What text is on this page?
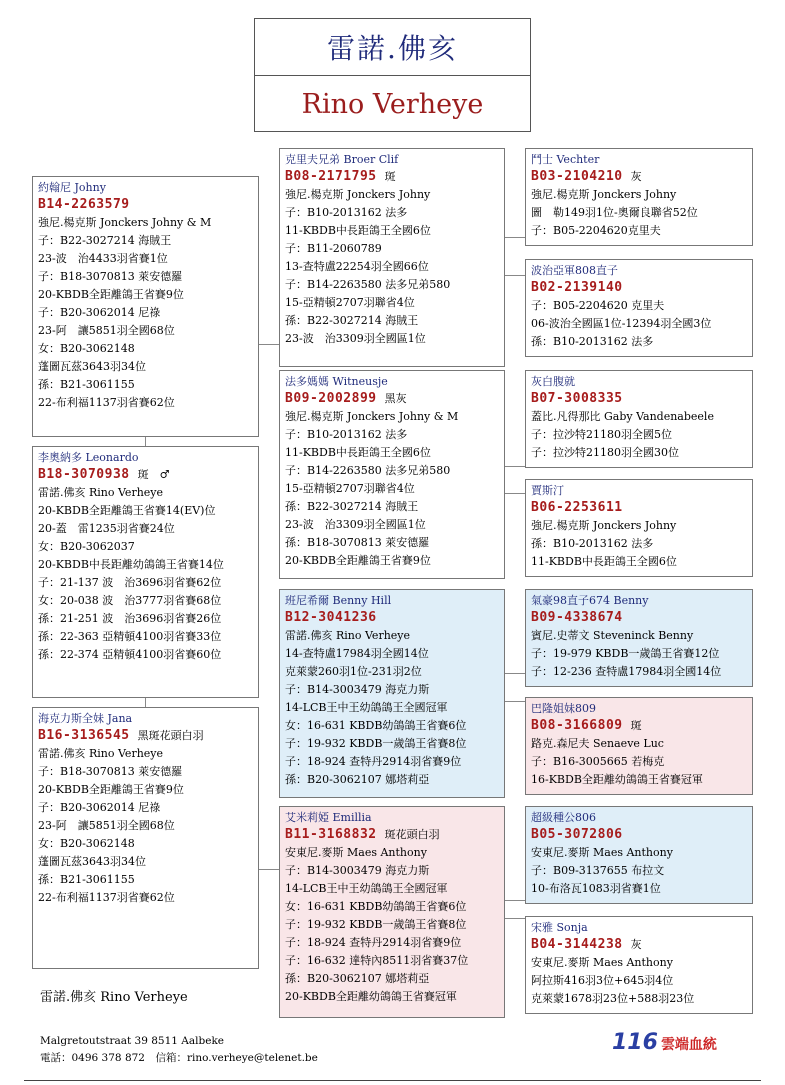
雷諾.佛亥
Rino Verheye
約翰尼 Johny
B14-2263579
強尼.楊克斯 Jonckers Johny & M
子：B22-3027214 海賊王
23-波　治4433羽省賽1位
子：B18-3070813 萊安德羅
20-KBDB全距離鴿王省賽9位
子：B20-3062014 尼祿
23-阿　讓5851羽全國68位
女：B20-3062148
蓬圖瓦茲3643羽34位
孫：B21-3061155
22-布利福1137羽省賽62位
李奧納多 Leonardo
B18-3070938 斑　♂
雷諾.佛亥 Rino Verheye
20-KBDB全距離鴿王省賽14(EV)位
20-蓋　雷1235羽省賽24位
女：B20-3062037
20-KBDB中長距離幼鴿鴿王省賽14位
子：21-137 波　治3696羽省賽62位
女：20-038 波　治3777羽省賽68位
孫：21-251 波　治3696羽省賽26位
孫：22-363 亞精頓4100羽省賽33位
孫：22-374 亞精頓4100羽省賽60位
海克力斯全妹 Jana
B16-3136545 黑斑花頭白羽
雷諾.佛亥 Rino Verheye
子：B18-3070813 萊安德羅
20-KBDB全距離鴿王省賽9位
子：B20-3062014 尼祿
23-阿　讓5851羽全國68位
女：B20-3062148
蓬圖瓦茲3643羽34位
孫：B21-3061155
22-布利福1137羽省賽62位
克里夫兄弟 Broer Clif
B08-2171795 斑
強尼.楊克斯 Jonckers Johny
子：B10-2013162 法多
11-KBDB中長距鴿王全國6位
子：B11-2060789
13-查特盧22254羽全國66位
子：B14-2263580 法多兄弟580
15-亞精頓2707羽聯省4位
孫：B22-3027214 海賊王
23-波　治3309羽全國區1位
法多媽媽 Witneusje
B09-2002899 黑灰
強尼.楊克斯 Jonckers Johny & M
子：B10-2013162 法多
11-KBDB中長距鴿王全國6位
子：B14-2263580 法多兄弟580
15-亞精頓2707羽聯省4位
孫：B22-3027214 海賊王
23-波　治3309羽全國區1位
孫：B18-3070813 萊安德羅
20-KBDB全距離鴿王省賽9位
班尼希爾 Benny Hill
B12-3041236
雷諾.佛亥 Rino Verheye
14-查特盧17984羽全國14位
克萊蒙260羽1位-231羽2位
子：B14-3003479 海克力斯
14-LCB王中王幼鴿鴿王全國冠軍
女：16-631 KBDB幼鴿鴿王省賽6位
子：19-932 KBDB一歲鴿王省賽8位
子：18-924 查特丹2914羽省賽9位
孫：B20-3062107 娜塔莉亞
艾米莉婭 Emillia
B11-3168832 斑花頭白羽
安東尼.麥斯 Maes Anthony
子：B14-3003479 海克力斯
14-LCB王中王幼鴿鴿王全國冠軍
女：16-631 KBDB幼鴿鴿王省賽6位
子：19-932 KBDB一歲鴿王省賽8位
子：18-924 查特丹2914羽省賽9位
子：16-632 達特內8511羽省賽37位
孫：B20-3062107 娜塔莉亞
20-KBDB全距離幼鴿鴿王省賽冠軍
鬥士 Vechter
B03-2104210 灰
強尼.楊克斯 Jonckers Johny
圖　勒149羽1位-奧爾良聯省52位
子：B05-2204620克里夫
波治亞軍808直子
B02-2139140
子：B05-2204620 克里夫
06-波治全國區1位-12394羽全國3位
孫：B10-2013162 法多
灰白腹就
B07-3008335
蓋比.凡得那比 Gaby Vandenabeele
子：拉沙特21180羽全國5位
子：拉沙特21180羽全國30位
賈斯汀
B06-2253611
強尼.楊克斯 Jonckers Johny
孫：B10-2013162 法多
11-KBDB中長距鴿王全國6位
氣豪98直子674 Benny
B09-4338674
賓尼.史蒂文 Steveninck Benny
子：19-979 KBDB一歲鴿王省賽12位
子：12-236 查特盧17984羽全國14位
巴隆姐妹809
B08-3166809 斑
路克.森尼夫 Senaeve Luc
子：B16-3005665 若梅克
16-KBDB全距離幼鴿鴿王省賽冠軍
超級種公806
B05-3072806
安東尼.麥斯 Maes Anthony
子：B09-3137655 布拉文
10-布洛瓦1083羽省賽1位
宋雅 Sonja
B04-3144238 灰
安東尼.麥斯 Maes Anthony
阿拉斯416羽3位+645羽4位
克萊蒙1678羽23位+588羽23位
雷諾.佛亥 Rino Verheye
Malgretoutstraat 39 8511 Aalbeke
電話：0496 378 872　信箱：rino.verheye@telenet.be
116 雲端血統
